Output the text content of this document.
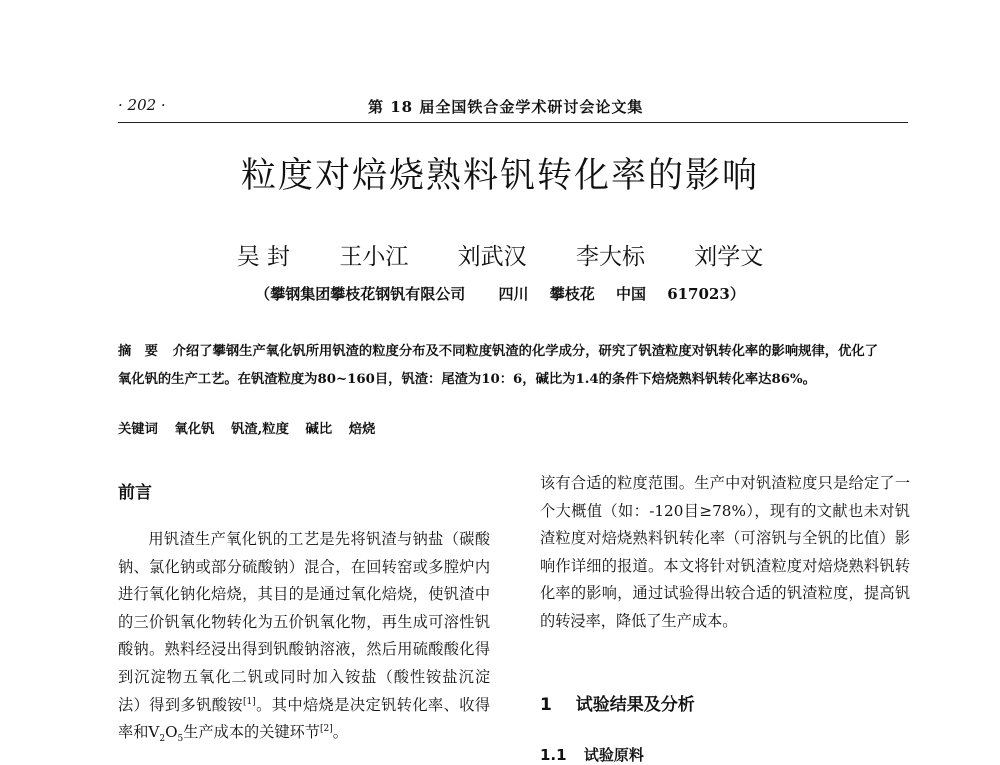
· 202 ·	第 18 届全国铁合金学术研讨会论文集
粒度对焙烧熟料钒转化率的影响
吴 封 王小江 刘武汉 李大标 刘学文
（攀钢集团攀枝花钢钒有限公司 四川 攀枝花 中国 617023）
摘　要 介绍了攀钢生产氧化钒所用钒渣的粒度分布及不同粒度钒渣的化学成分，研究了钒渣粒度对钒转化率的影响规律，优化了氧化钒的生产工艺。在钒渣粒度为80~160目，钒渣：尾渣为10：6，碱比为1.4的条件下焙烧熟料钒转化率达86%。
关键词 氧化钒 钒渣,粒度 碱比 焙烧
前言

用钒渣生产氧化钒的工艺是先将钒渣与钠盐（碳酸钠、氯化钠或部分硫酸钠）混合，在回转窑或多膛炉内进行氧化钠化焙烧，其目的是通过氧化焙烧，使钒渣中的三价钒氧化物转化为五价钒氧化物，再生成可溶性钒酸钠。熟料经浸出得到钒酸钠溶液，然后用硫酸酸化得到沉淀物五氧化二钒或同时加入铵盐（酸性铵盐沉淀法）得到多钒酸铵[1]。其中焙烧是决定钒转化率、收得率和$V_2O_5$生产成本的关键环节[2]。

该有合适的粒度范围。生产中对钒渣粒度只是给定了一个大概值（如：-120目≥78%），现有的文献也未对钒渣粒度对焙烧熟料钒转化率（可溶钒与全钒的比值）影响作详细的报道。本文将针对钒渣粒度对焙烧熟料钒转化率的影响，通过试验得出较合适的钒渣粒度，提高钒的转浸率，降低了生产成本。

1 试验结果及分析
1.1 试验原料
